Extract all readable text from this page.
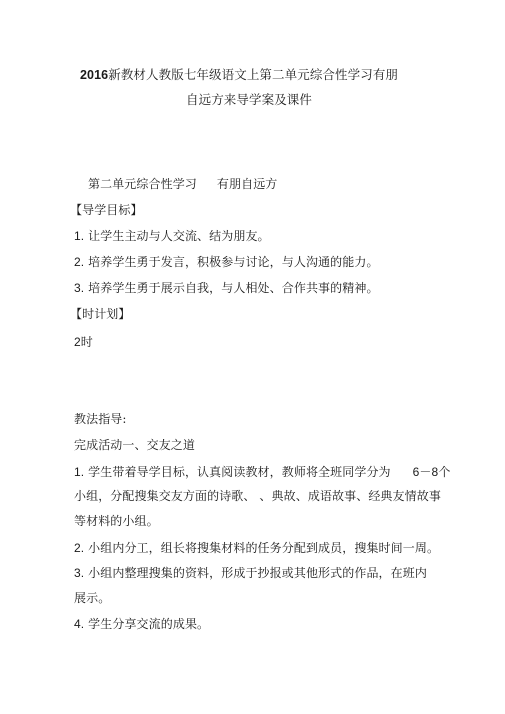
2016新教材人教版七年级语文上第二单元综合性学习有朋
自远方来导学案及课件
第二单元综合性学习 有朋自远方
【导学目标】
1. 让学生主动与人交流、结为朋友。
2. 培养学生勇于发言，积极参与讨论，与人沟通的能力。
3. 培养学生勇于展示自我，与人相处、合作共事的精神。
【时计划】
2时
教法指导:
完成活动一、交友之道
1. 学生带着导学目标，认真阅读教材，教师将全班同学分为 6－8个
小组，分配搜集交友方面的诗歌、 、典故、成语故事、经典友情故事
等材料的小组。
2. 小组内分工，组长将搜集材料的任务分配到成员，搜集时间一周。
3. 小组内整理搜集的资料，形成于抄报或其他形式的作品，在班内
展示。
4. 学生分享交流的成果。
